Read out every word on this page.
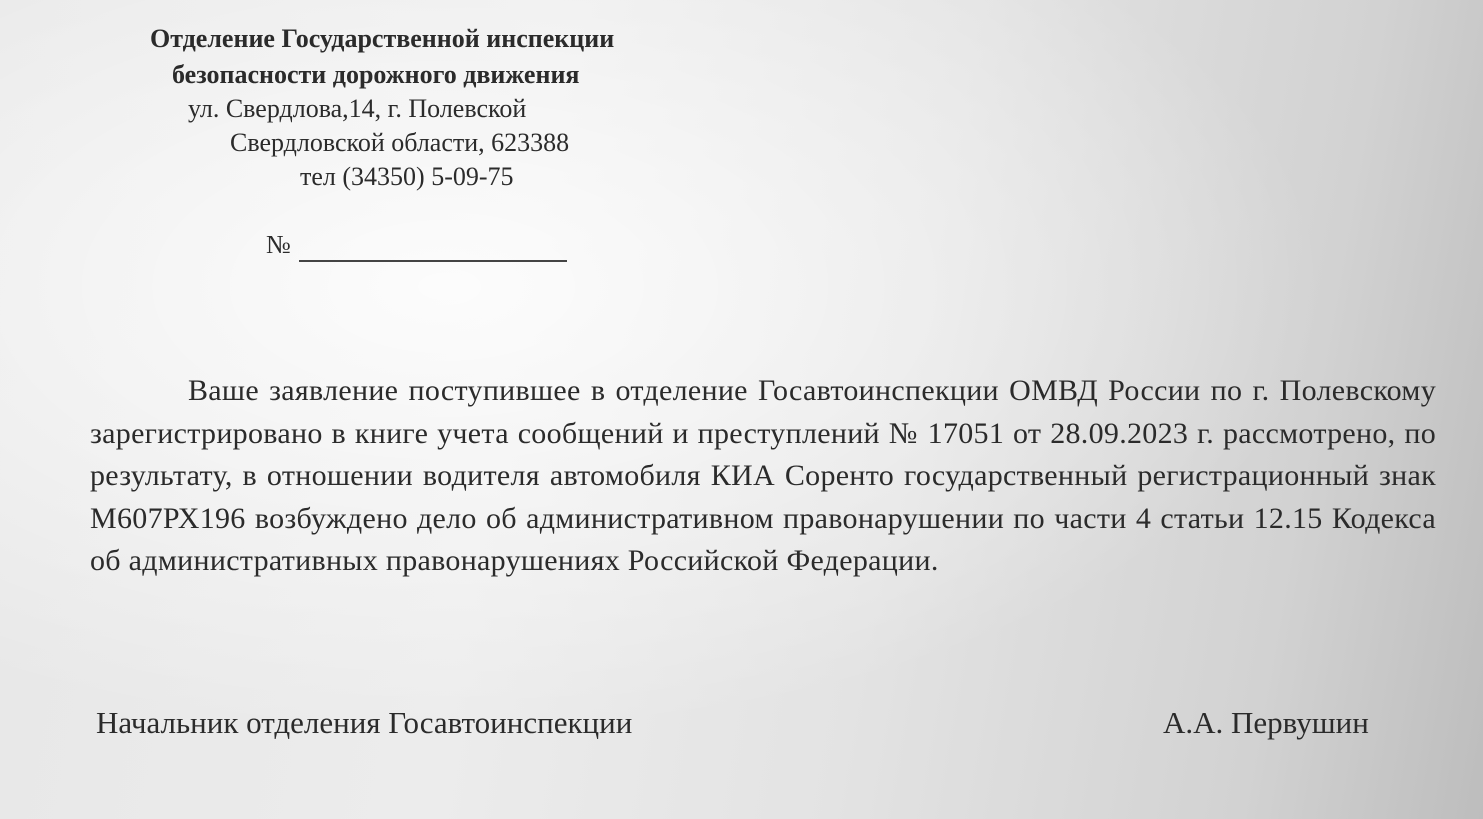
Отделение Государственной инспекции
безопасности дорожного движения
ул. Свердлова,14, г. Полевской
Свердловской области, 623388
тел (34350) 5-09-75
№
Ваше заявление поступившее в отделение Госавтоинспекции ОМВД России по г. Полевскому зарегистрировано в книге учета сообщений и преступлений № 17051 от 28.09.2023 г. рассмотрено, по результату, в отношении водителя автомобиля КИА Соренто государственный регистрационный знак М607РХ196 возбуждено дело об административном правонарушении по части 4 статьи 12.15 Кодекса об административных правонарушениях Российской Федерации.
Начальник отделения Госавтоинспекции	А.А. Первушин
